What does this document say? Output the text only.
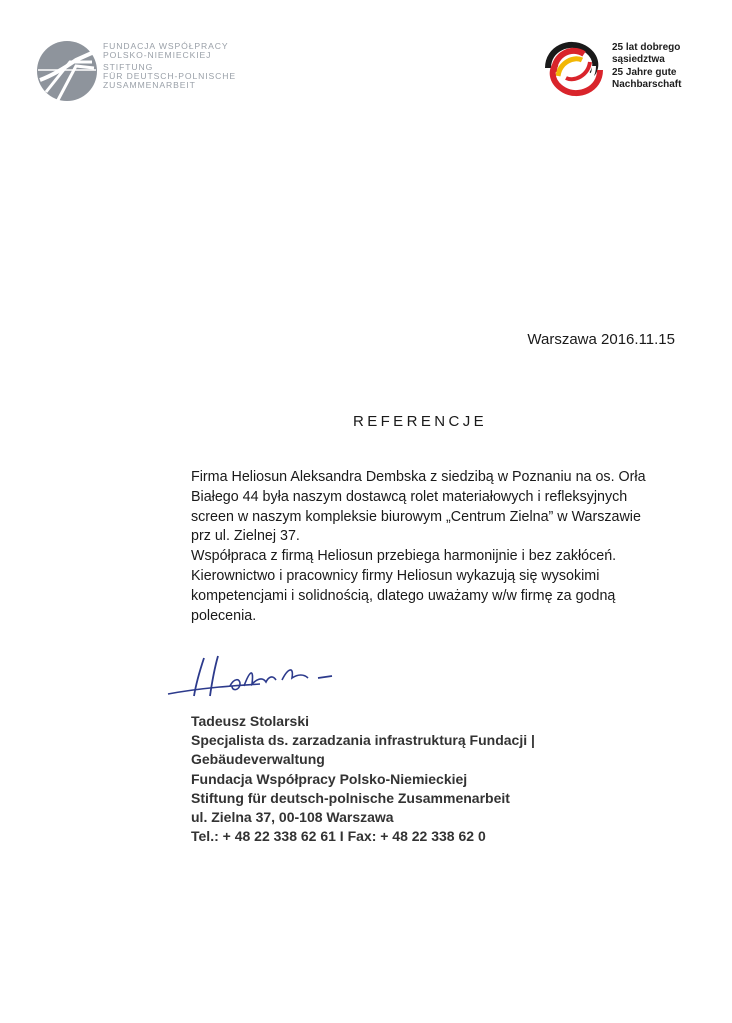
FUNDACJA WSPÓŁPRACY
POLSKO-NIEMIECKIEJ
STIFTUNG
FÜR DEUTSCH-POLNISCHE
ZUSAMMENARBEIT
25 lat dobrego
sąsiedztwa
25 Jahre gute
Nachbarschaft
Warszawa 2016.11.15
REFERENCJE
Firma Heliosun Aleksandra Dembska z siedzibą w Poznaniu na os. Orła
Białego 44 była naszym dostawcą rolet materiałowych i refleksyjnych
screen w naszym kompleksie biurowym „Centrum Zielna” w Warszawie
prz ul. Zielnej 37.
Współpraca z firmą Heliosun przebiega harmonijnie i bez zakłóceń.
Kierownictwo i pracownicy firmy Heliosun wykazują się wysokimi
kompetencjami i solidnością, dlatego uważamy w/w firmę za godną
polecenia.
Tadeusz Stolarski
Specjalista ds. zarzadzania infrastrukturą Fundacji |
Gebäudeverwaltung
Fundacja Współpracy Polsko-Niemieckiej
Stiftung für deutsch-polnische Zusammenarbeit
ul. Zielna 37, 00-108 Warszawa
Tel.: + 48 22 338 62 61 I Fax: + 48 22 338 62 0
